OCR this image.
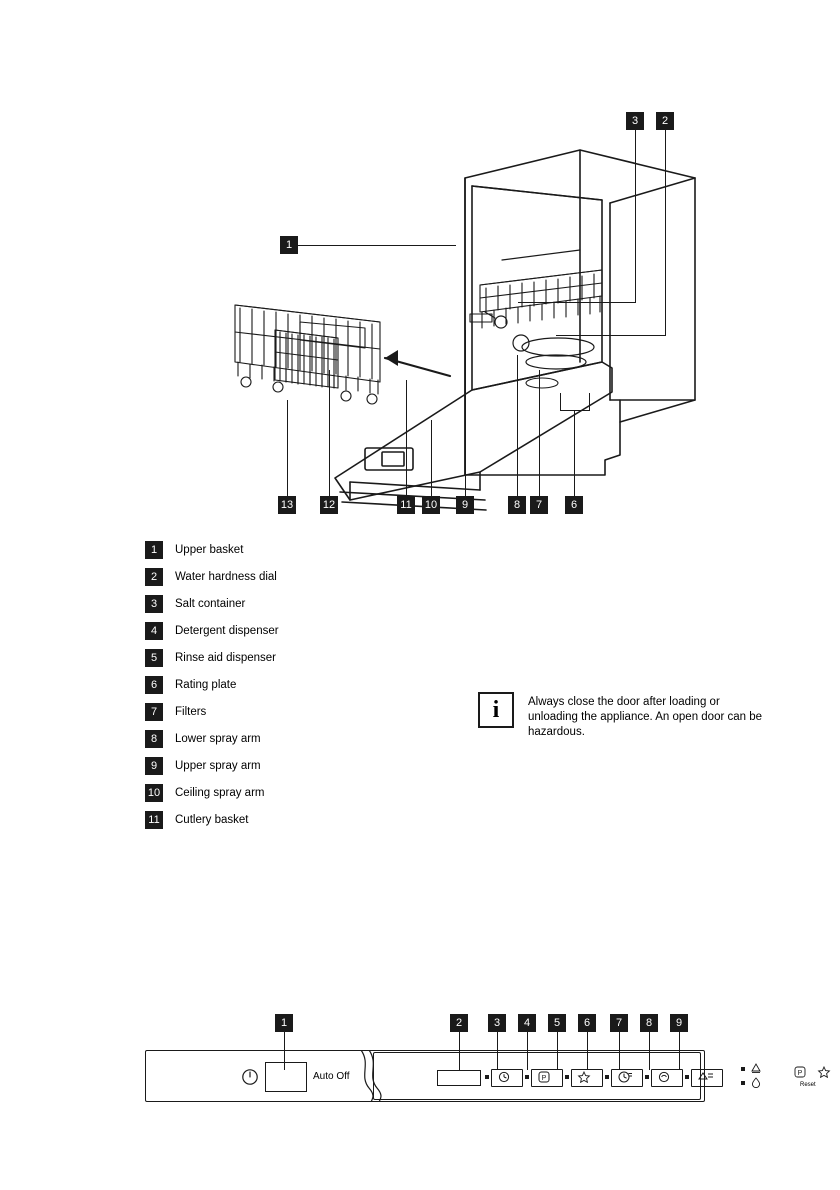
3	2
1
13	12	11 10	9	8	7	6
1	Upper basket
2	Water hardness dial
3	Salt container
4	Detergent dispenser
5	Rinse aid dispenser
6	Rating plate
7	Filters
8	Lower spray arm
9	Upper spray arm
10 Ceiling spray arm
11 Cutlery basket
i	Always close the door after loading or unloading the appliance. An open door can be hazardous.
1	2	3	4	5	6	7	8	9
Auto Off	P
P
Reset
